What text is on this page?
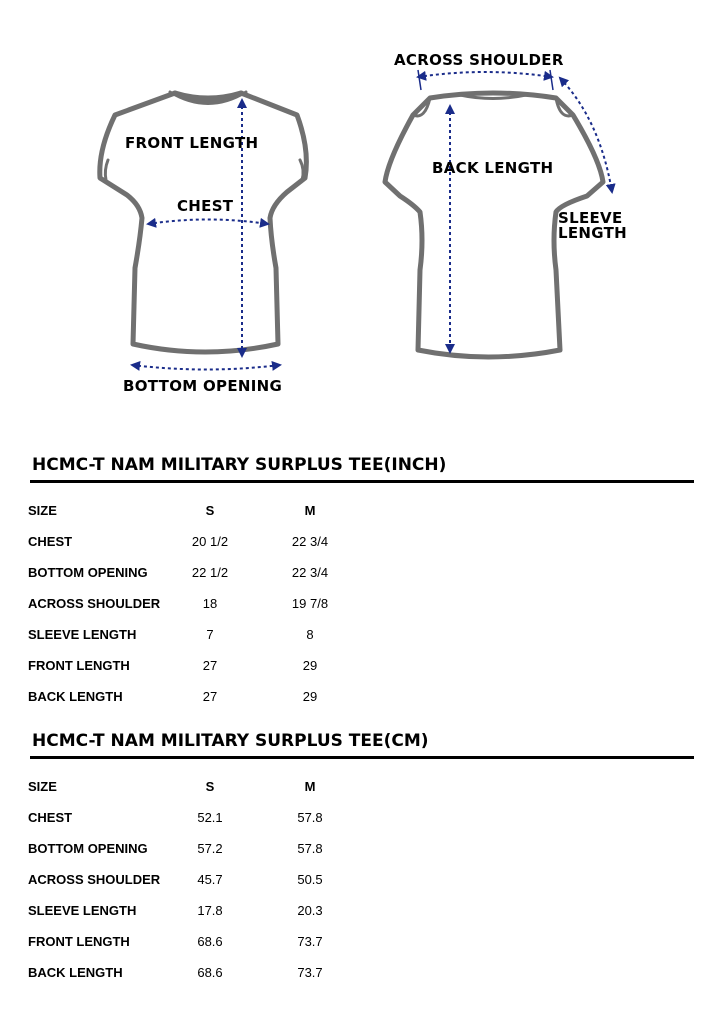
FRONT LENGTH
CHEST
BOTTOM OPENING
ACROSS SHOULDER
BACK LENGTH
SLEEVE
LENGTH
HCMC-T NAM MILITARY SURPLUS TEE(INCH)
SIZE	S	M
CHEST	20 1/2	22 3/4
BOTTOM OPENING	22 1/2	22 3/4
ACROSS SHOULDER	18	19 7/8
SLEEVE LENGTH	7	8
FRONT LENGTH	27	29
BACK LENGTH	27	29
HCMC-T NAM MILITARY SURPLUS TEE(CM)
SIZE	S	M
CHEST	52.1	57.8
BOTTOM OPENING	57.2	57.8
ACROSS SHOULDER	45.7	50.5
SLEEVE LENGTH	17.8	20.3
FRONT LENGTH	68.6	73.7
BACK LENGTH	68.6	73.7
